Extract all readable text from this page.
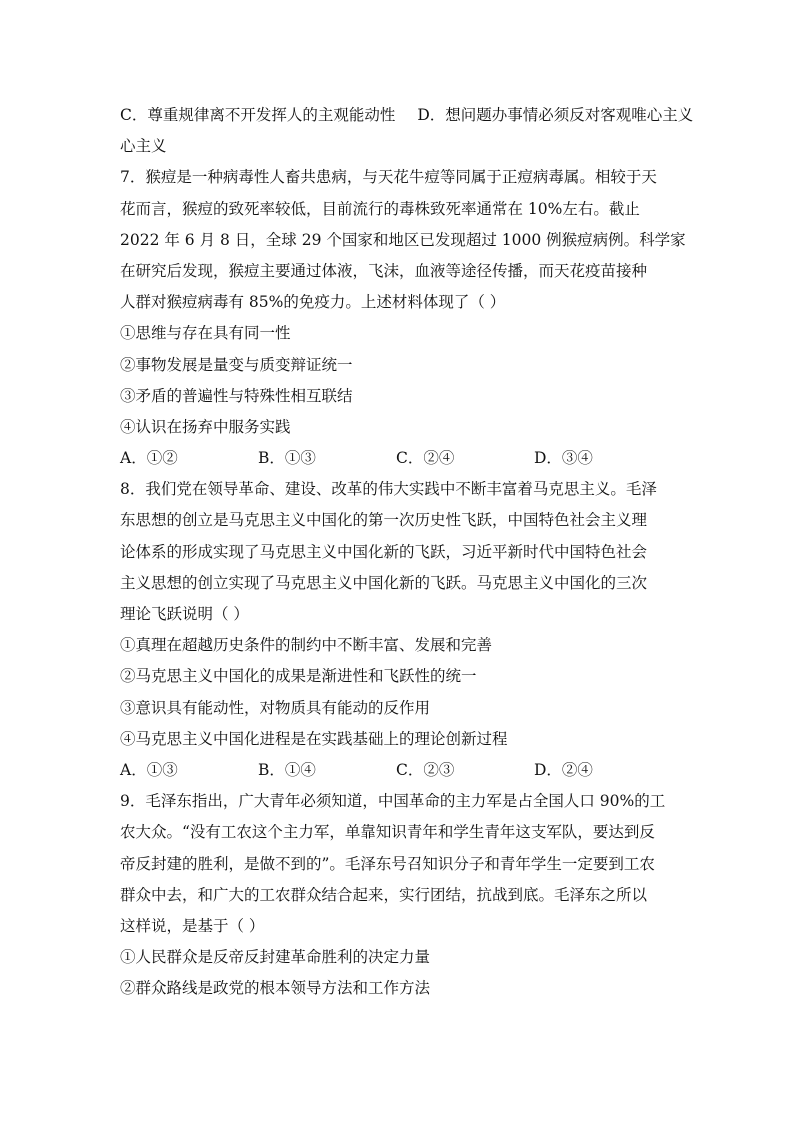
C．尊重规律离不开发挥人的主观能动性 D．想问题办事情必须反对客观唯心主义
心主义
7．猴痘是一种病毒性人畜共患病，与天花牛痘等同属于正痘病毒属。相较于天
花而言，猴痘的致死率较低，目前流行的毒株致死率通常在 10%左右。截止
2022 年 6 月 8 日，全球 29 个国家和地区已发现超过 1000 例猴痘病例。科学家
在研究后发现，猴痘主要通过体液，飞沫，血液等途径传播，而天花疫苗接种
人群对猴痘病毒有 85%的免疫力。上述材料体现了（ ）
①思维与存在具有同一性
②事物发展是量变与质变辩证统一
③矛盾的普遍性与特殊性相互联结
④认识在扬弃中服务实践
A．①②	B．①③	C．②④	D．③④
8．我们党在领导革命、建设、改革的伟大实践中不断丰富着马克思主义。毛泽
东思想的创立是马克思主义中国化的第一次历史性飞跃，中国特色社会主义理
论体系的形成实现了马克思主义中国化新的飞跃，习近平新时代中国特色社会
主义思想的创立实现了马克思主义中国化新的飞跃。马克思主义中国化的三次
理论飞跃说明（ ）
①真理在超越历史条件的制约中不断丰富、发展和完善
②马克思主义中国化的成果是渐进性和飞跃性的统一
③意识具有能动性，对物质具有能动的反作用
④马克思主义中国化进程是在实践基础上的理论创新过程
A．①③	B．①④	C．②③	D．②④
9．毛泽东指出，广大青年必须知道，中国革命的主力军是占全国人口 90%的工
农大众。“没有工农这个主力军，单靠知识青年和学生青年这支军队，要达到反
帝反封建的胜利，是做不到的”。毛泽东号召知识分子和青年学生一定要到工农
群众中去，和广大的工农群众结合起来，实行团结，抗战到底。毛泽东之所以
这样说，是基于（ ）
①人民群众是反帝反封建革命胜利的决定力量
②群众路线是政党的根本领导方法和工作方法
